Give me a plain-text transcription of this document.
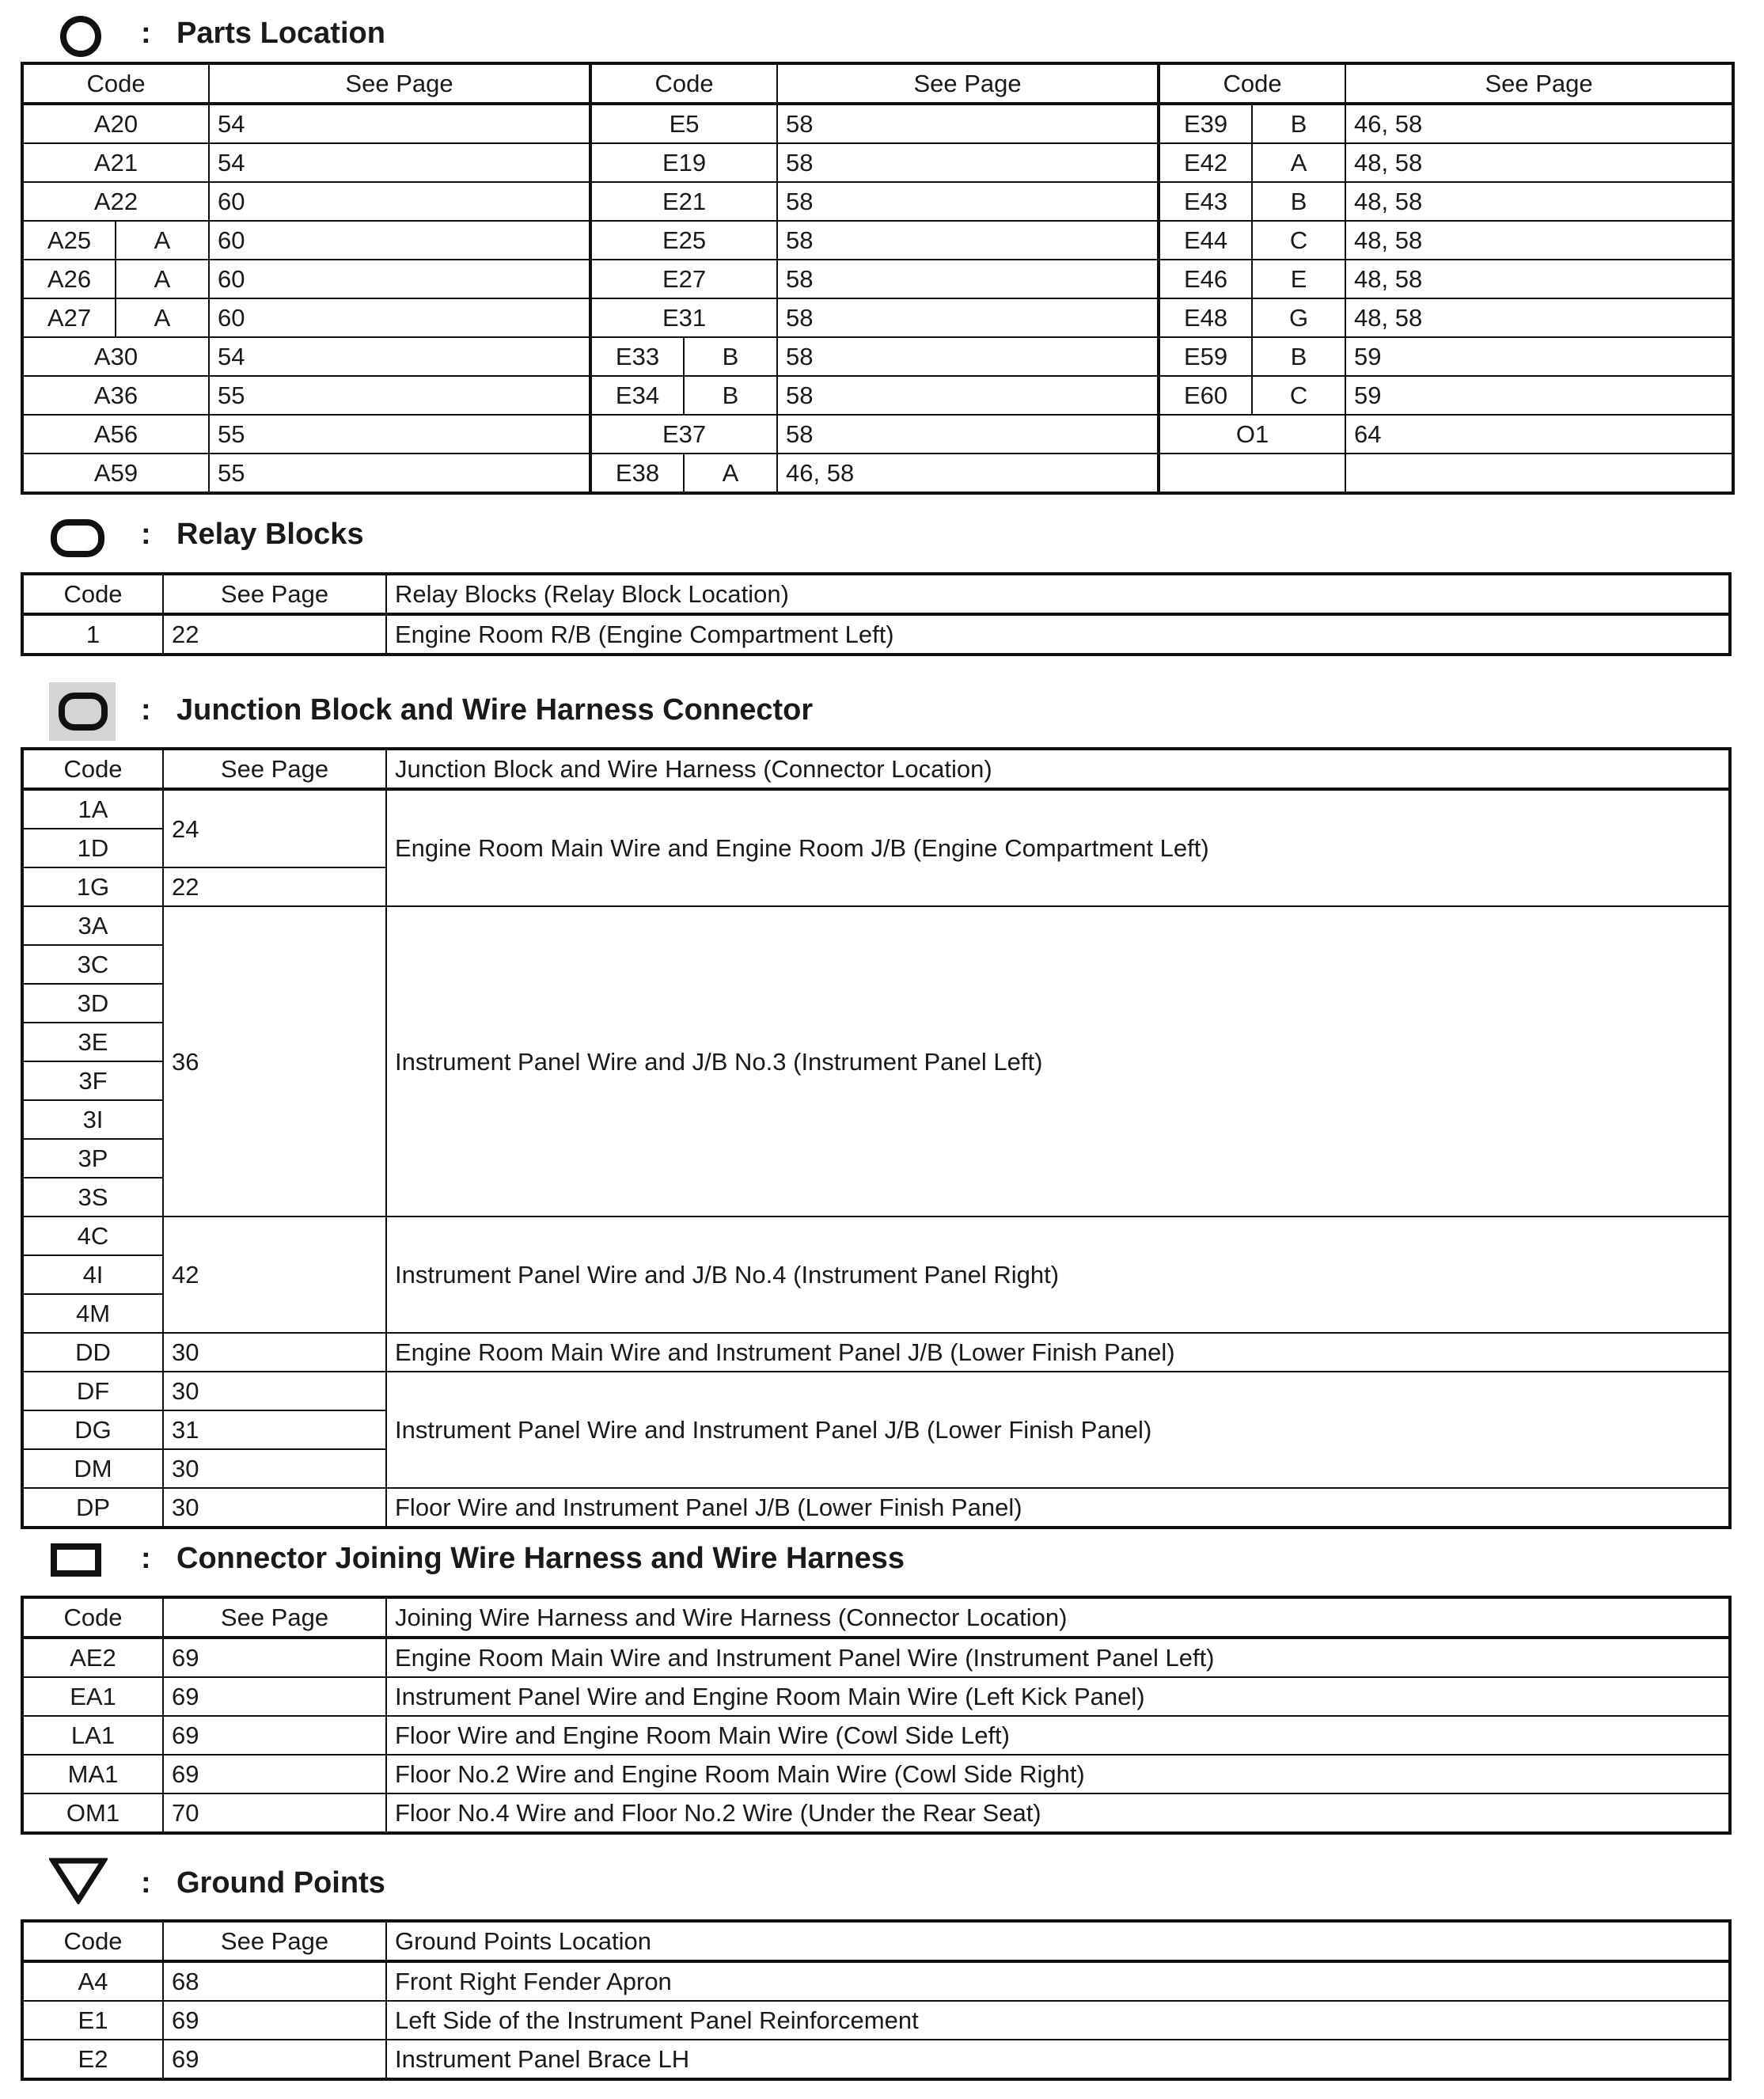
: Parts Location
Code		See Page	Code		See Page	Code		See Page
A20		54	E5		58	E39	B	46, 58
A21		54	E19		58	E42	A	48, 58
A22		60	E21		58	E43	B	48, 58
A25	A	60	E25		58	E44	C	48, 58
A26	A	60	E27		58	E46	E	48, 58
A27	A	60	E31		58	E48	G	48, 58
A30		54	E33	B	58	E59	B	59
A36		55	E34	B	58	E60	C	59
A56		55	E37		58	O1		64
A59		55	E38	A	46, 58			
: Relay Blocks
Code	See Page	Relay Blocks (Relay Block Location)
1	22	Engine Room R/B (Engine Compartment Left)
: Junction Block and Wire Harness Connector
Code	See Page	Junction Block and Wire Harness (Connector Location)
1A	24	Engine Room Main Wire and Engine Room J/B (Engine Compartment Left)
1D		
1G	22	
3A	36	Instrument Panel Wire and J/B No.3 (Instrument Panel Left)
3C		
3D		
3E		
3F		
3I		
3P		
3S		
4C	42	Instrument Panel Wire and J/B No.4 (Instrument Panel Right)
4I		
4M		
DD	30	Engine Room Main Wire and Instrument Panel J/B (Lower Finish Panel)
DF	30	Instrument Panel Wire and Instrument Panel J/B (Lower Finish Panel)
DG	31	
DM	30	
DP	30	Floor Wire and Instrument Panel J/B (Lower Finish Panel)
: Connector Joining Wire Harness and Wire Harness
Code	See Page	Joining Wire Harness and Wire Harness (Connector Location)
AE2	69	Engine Room Main Wire and Instrument Panel Wire (Instrument Panel Left)
EA1	69	Instrument Panel Wire and Engine Room Main Wire (Left Kick Panel)
LA1	69	Floor Wire and Engine Room Main Wire (Cowl Side Left)
MA1	69	Floor No.2 Wire and Engine Room Main Wire (Cowl Side Right)
OM1	70	Floor No.4 Wire and Floor No.2 Wire (Under the Rear Seat)
: Ground Points
Code	See Page	Ground Points Location
A4	68	Front Right Fender Apron
E1	69	Left Side of the Instrument Panel Reinforcement
E2	69	Instrument Panel Brace LH
